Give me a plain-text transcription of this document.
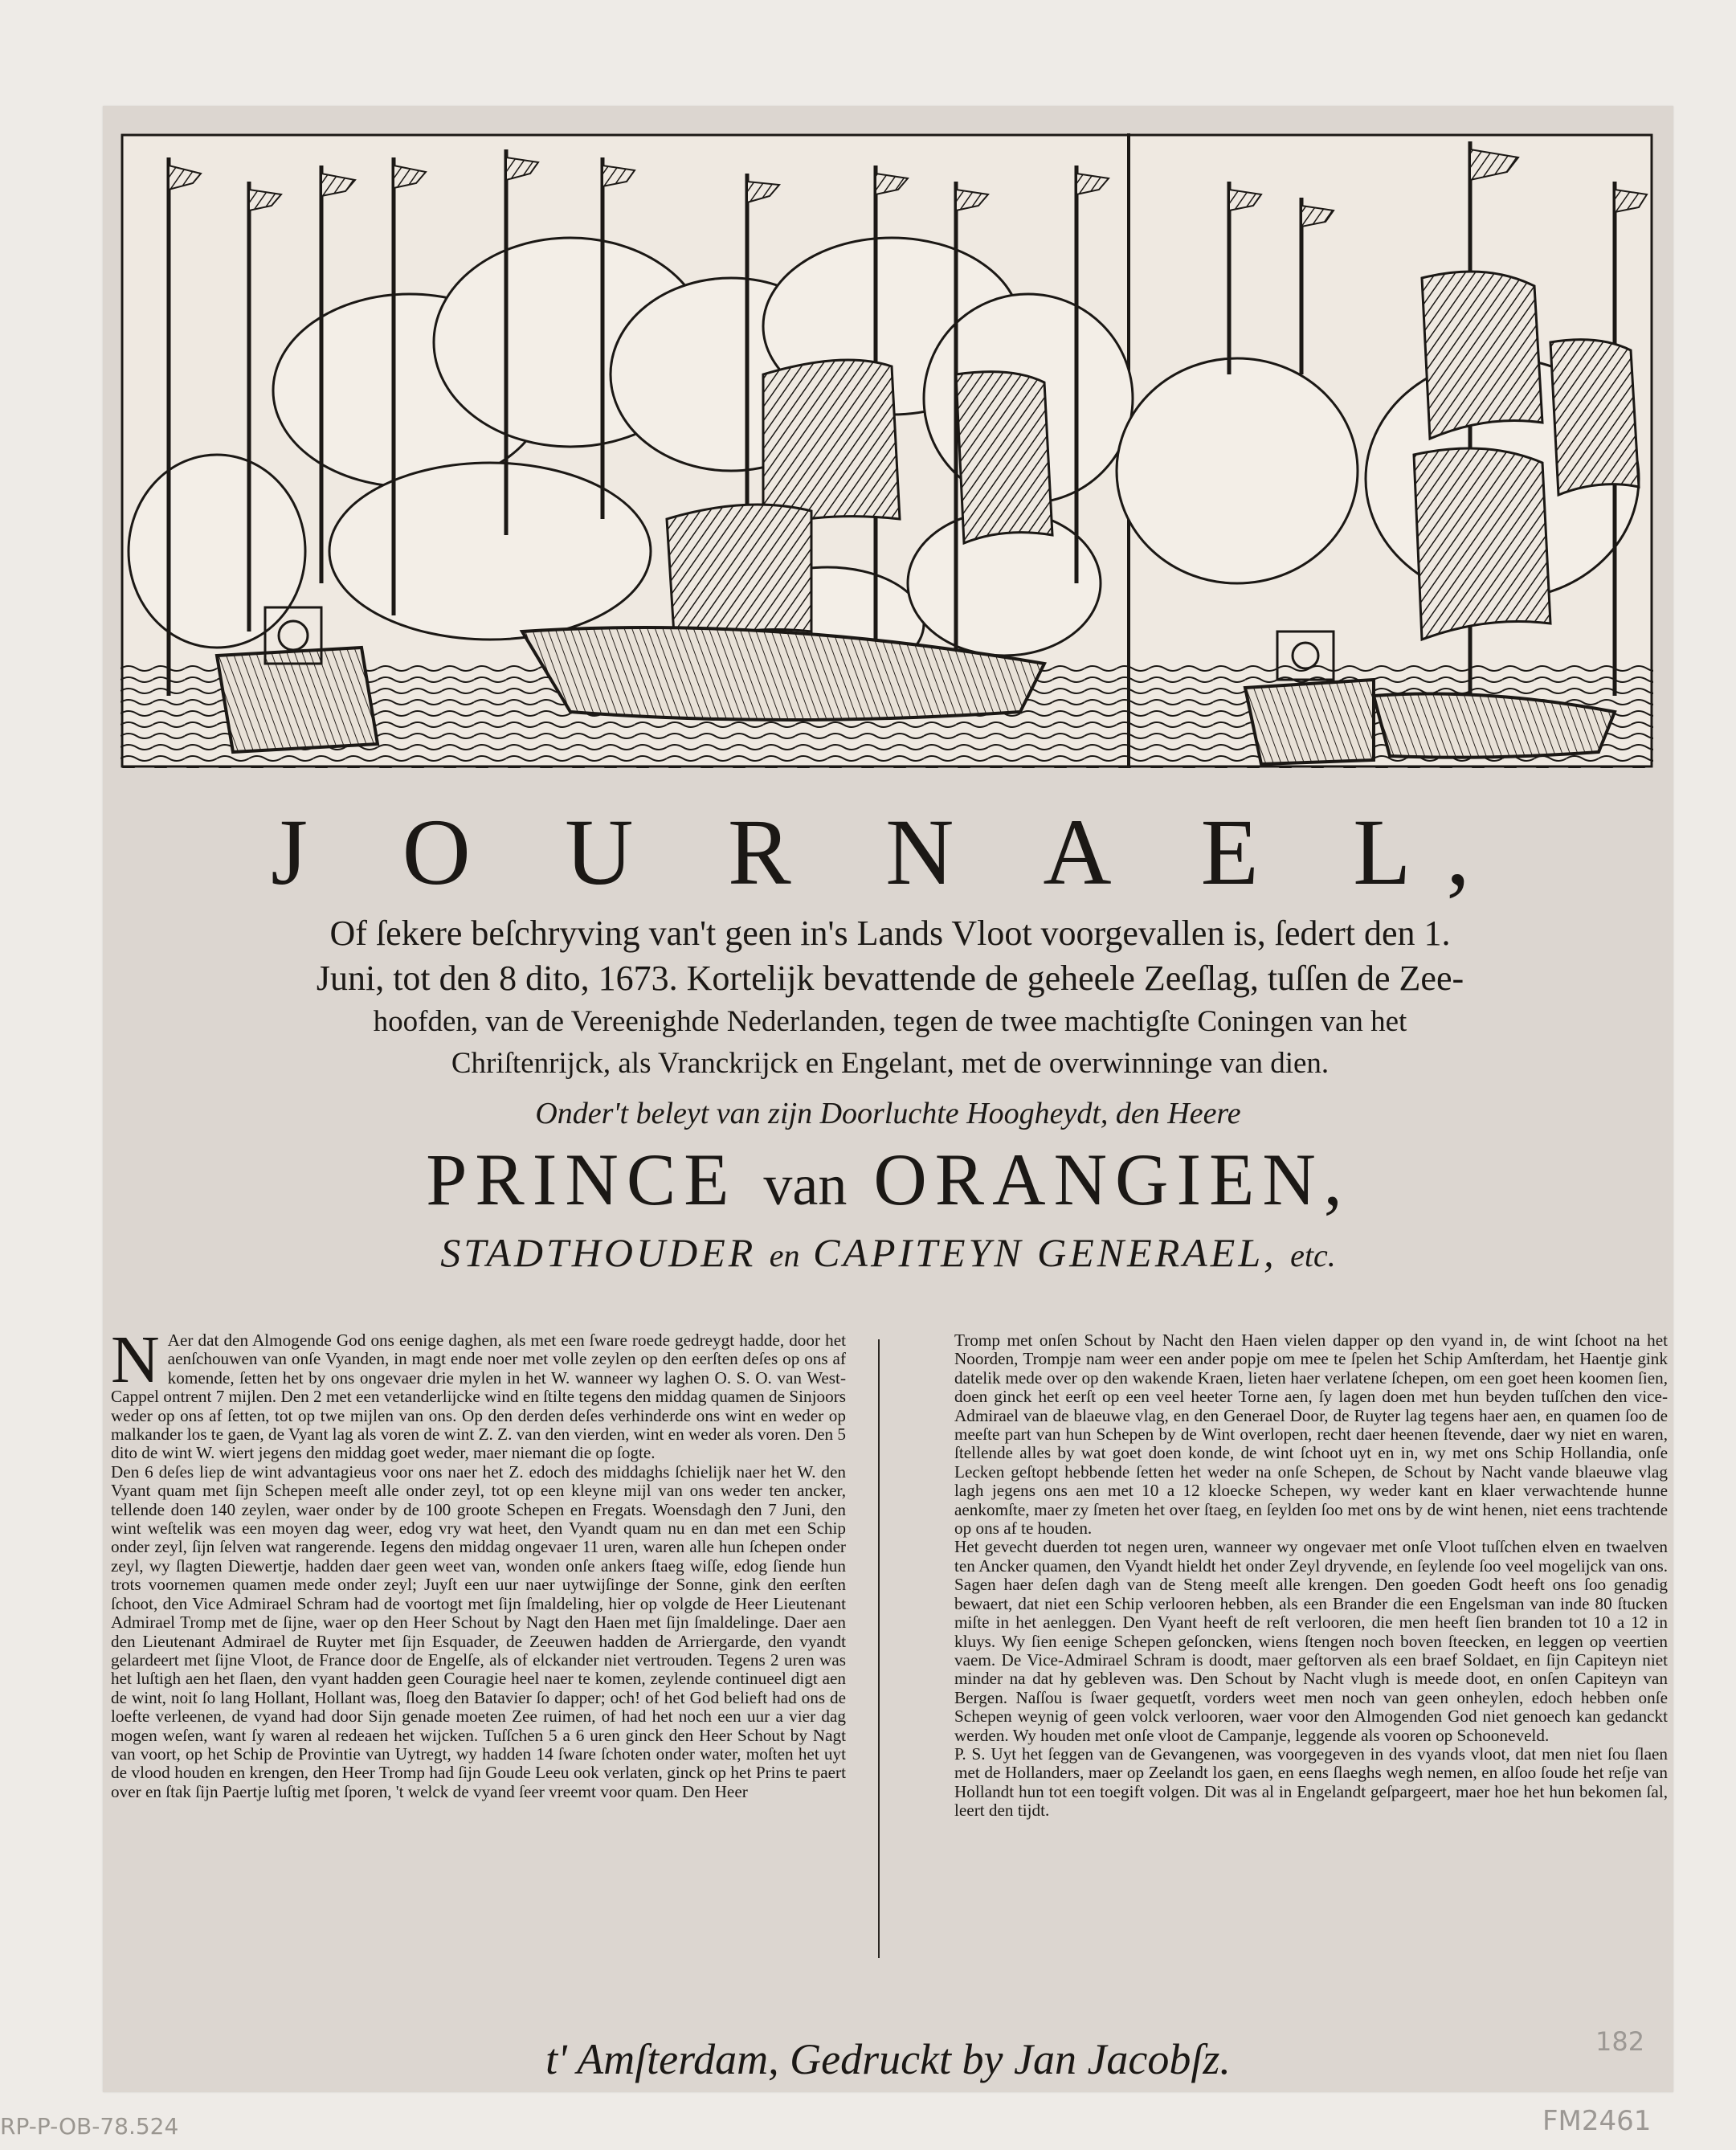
J O U R N A E L,

Of ſekere beſchryving van't geen in's Lands Vloot voorgevallen is, ſedert den 1.
Juni, tot den 8 dito, 1673. Kortelijk bevattende de geheele Zeeſlag, tuſſen de Zee-
hoofden, van de Vereenighde Nederlanden, tegen de twee machtigſte Coningen van het
Chriſtenrijck, als Vranckrijck en Engelant, met de overwinninge van dien.

Onder't beleyt van zijn Doorluchte Hoogheydt, den Heere
PRINCE van ORANGIEN,
STADTHOUDER en CAPITEYN GENERAEL, etc.
N Aer dat den Almogende God ons eenige daghen, als met een ſware roede gedreygt hadde, door het aenſchouwen van onſe Vyanden, in magt ende noer met volle zeylen op den eerſten deſes op ons af komende, ſetten het by ons ongevaer drie mylen in het W. wanneer wy laghen O. S. O. van West-Cappel ontrent 7 mijlen. Den 2 met een vetanderlijcke wind en ſtilte tegens den middag quamen de Sinjoors weder op ons af ſetten, tot op twe mijlen van ons. Op den derden deſes verhinderde ons wint en weder op malkander los te gaen, de Vyant lag als voren de wint Z. Z. van den vierden, wint en weder als voren. Den 5 dito de wint W. wiert jegens den middag goet weder, maer niemant die op ſogte.

Den 6 deſes liep de wint advantagieus voor ons naer het Z. edoch des middaghs ſchielijk naer het W. den Vyant quam met ſijn Schepen meeſt alle onder zeyl, tot op een kleyne mijl van ons weder ten ancker, tellende doen 140 zeylen, waer onder by de 100 groote Schepen en Fregats. Woensdagh den 7 Juni, den wint weſtelik was een moyen dag weer, edog vry wat heet, den Vyandt quam nu en dan met een Schip onder zeyl, ſijn ſelven wat rangerende. Iegens den middag ongevaer 11 uren, waren alle hun ſchepen onder zeyl, wy ſlagten Diewertje, hadden daer geen weet van, wonden onſe ankers ſtaeg wiſſe, edog ſiende hun trots voornemen quamen mede onder zeyl; Juyſt een uur naer uytwijſinge der Sonne, gink den eerſten ſchoot, den Vice Admirael Schram had de voortogt met ſijn ſmaldeling, hier op volgde de Heer Lieutenant Admirael Tromp met de ſijne, waer op den Heer Schout by Nagt den Haen met ſijn ſmaldelinge. Daer aen den Lieutenant Admirael de Ruyter met ſijn Esquader, de Zeeuwen hadden de Arriergarde, den vyandt gelardeert met ſijne Vloot, de France door de Engelſe, als of elckander niet vertrouden. Tegens 2 uren was het luſtigh aen het ſlaen, den vyant hadden geen Couragie heel naer te komen, zeylende continueel digt aen de wint, noit ſo lang Hollant, Hollant was, ſloeg den Batavier ſo dapper; och! of het God belieft had ons de loefte verleenen, de vyand had door Sijn genade moeten Zee ruimen, of had het noch een uur a vier dag mogen weſen, want ſy waren al redeaen het wijcken. Tuſſchen 5 a 6 uren ginck den Heer Schout by Nagt van voort, op het Schip de Provintie van Uytregt, wy hadden 14 ſware ſchoten onder water, moſten het uyt de vlood houden en krengen, den Heer Tromp had ſijn Goude Leeu ook verlaten, ginck op het Prins te paert over en ſtak ſijn Paertje luſtig met ſporen, 't welck de vyand ſeer vreemt voor quam. Den Heer

Tromp met onſen Schout by Nacht den Haen vielen dapper op den vyand in, de wint ſchoot na het Noorden, Trompje nam weer een ander popje om mee te ſpelen het Schip Amſterdam, het Haentje gink datelik mede over op den wakende Kraen, lieten haer verlatene ſchepen, om een goet heen koomen ſien, doen ginck het eerſt op een veel heeter Torne aen, ſy lagen doen met hun beyden tuſſchen den vice-Admirael van de blaeuwe vlag, en den Generael Door, de Ruyter lag tegens haer aen, en quamen ſoo de meeſte part van hun Schepen by de Wint overlopen, recht daer heenen ſtevende, daer wy niet en waren, ſtellende alles by wat goet doen konde, de wint ſchoot uyt en in, wy met ons Schip Hollandia, onſe Lecken geſtopt hebbende ſetten het weder na onſe Schepen, de Schout by Nacht vande blaeuwe vlag lagh jegens ons aen met 10 a 12 kloecke Schepen, wy weder kant en klaer verwachtende hunne aenkomſte, maer zy ſmeten het over ſtaeg, en ſeylden ſoo met ons by de wint henen, niet eens trachtende op ons af te houden.

Het gevecht duerden tot negen uren, wanneer wy ongevaer met onſe Vloot tuſſchen elven en twaelven ten Ancker quamen, den Vyandt hieldt het onder Zeyl dryvende, en ſeylende ſoo veel mogelijck van ons. Sagen haer deſen dagh van de Steng meeſt alle krengen. Den goeden Godt heeft ons ſoo genadig bewaert, dat niet een Schip verlooren hebben, als een Brander die een Engelsman van inde 80 ſtucken miſte in het aenleggen. Den Vyant heeft de reſt verlooren, die men heeft ſien branden tot 10 a 12 in kluys. Wy ſien eenige Schepen geſoncken, wiens ſtengen noch boven ſteecken, en leggen op veertien vaem. De Vice-Admirael Schram is doodt, maer geſtorven als een braef Soldaet, en ſijn Capiteyn niet minder na dat hy gebleven was. Den Schout by Nacht vlugh is meede doot, en onſen Capiteyn van Bergen. Naſſou is ſwaer gequetſt, vorders weet men noch van geen onheylen, edoch hebben onſe Schepen weynig of geen volck verlooren, waer voor den Almogenden God niet genoech kan gedanckt werden. Wy houden met onſe vloot de Campanje, leggende als vooren op Schooneveld.

P. S. Uyt het ſeggen van de Gevangenen, was voorgegeven in des vyands vloot, dat men niet ſou ſlaen met de Hollanders, maer op Zeelandt los gaen, en eens ſlaeghs wegh nemen, en alſoo ſoude het reſje van Hollandt hun tot een toegift volgen. Dit was al in Engelandt geſpargeert, maer hoe het hun bekomen ſal, leert den tijdt.

t' Amſterdam, Gedruckt by Jan Jacobſz.	182
RP-P-OB-78.524	FM2461
